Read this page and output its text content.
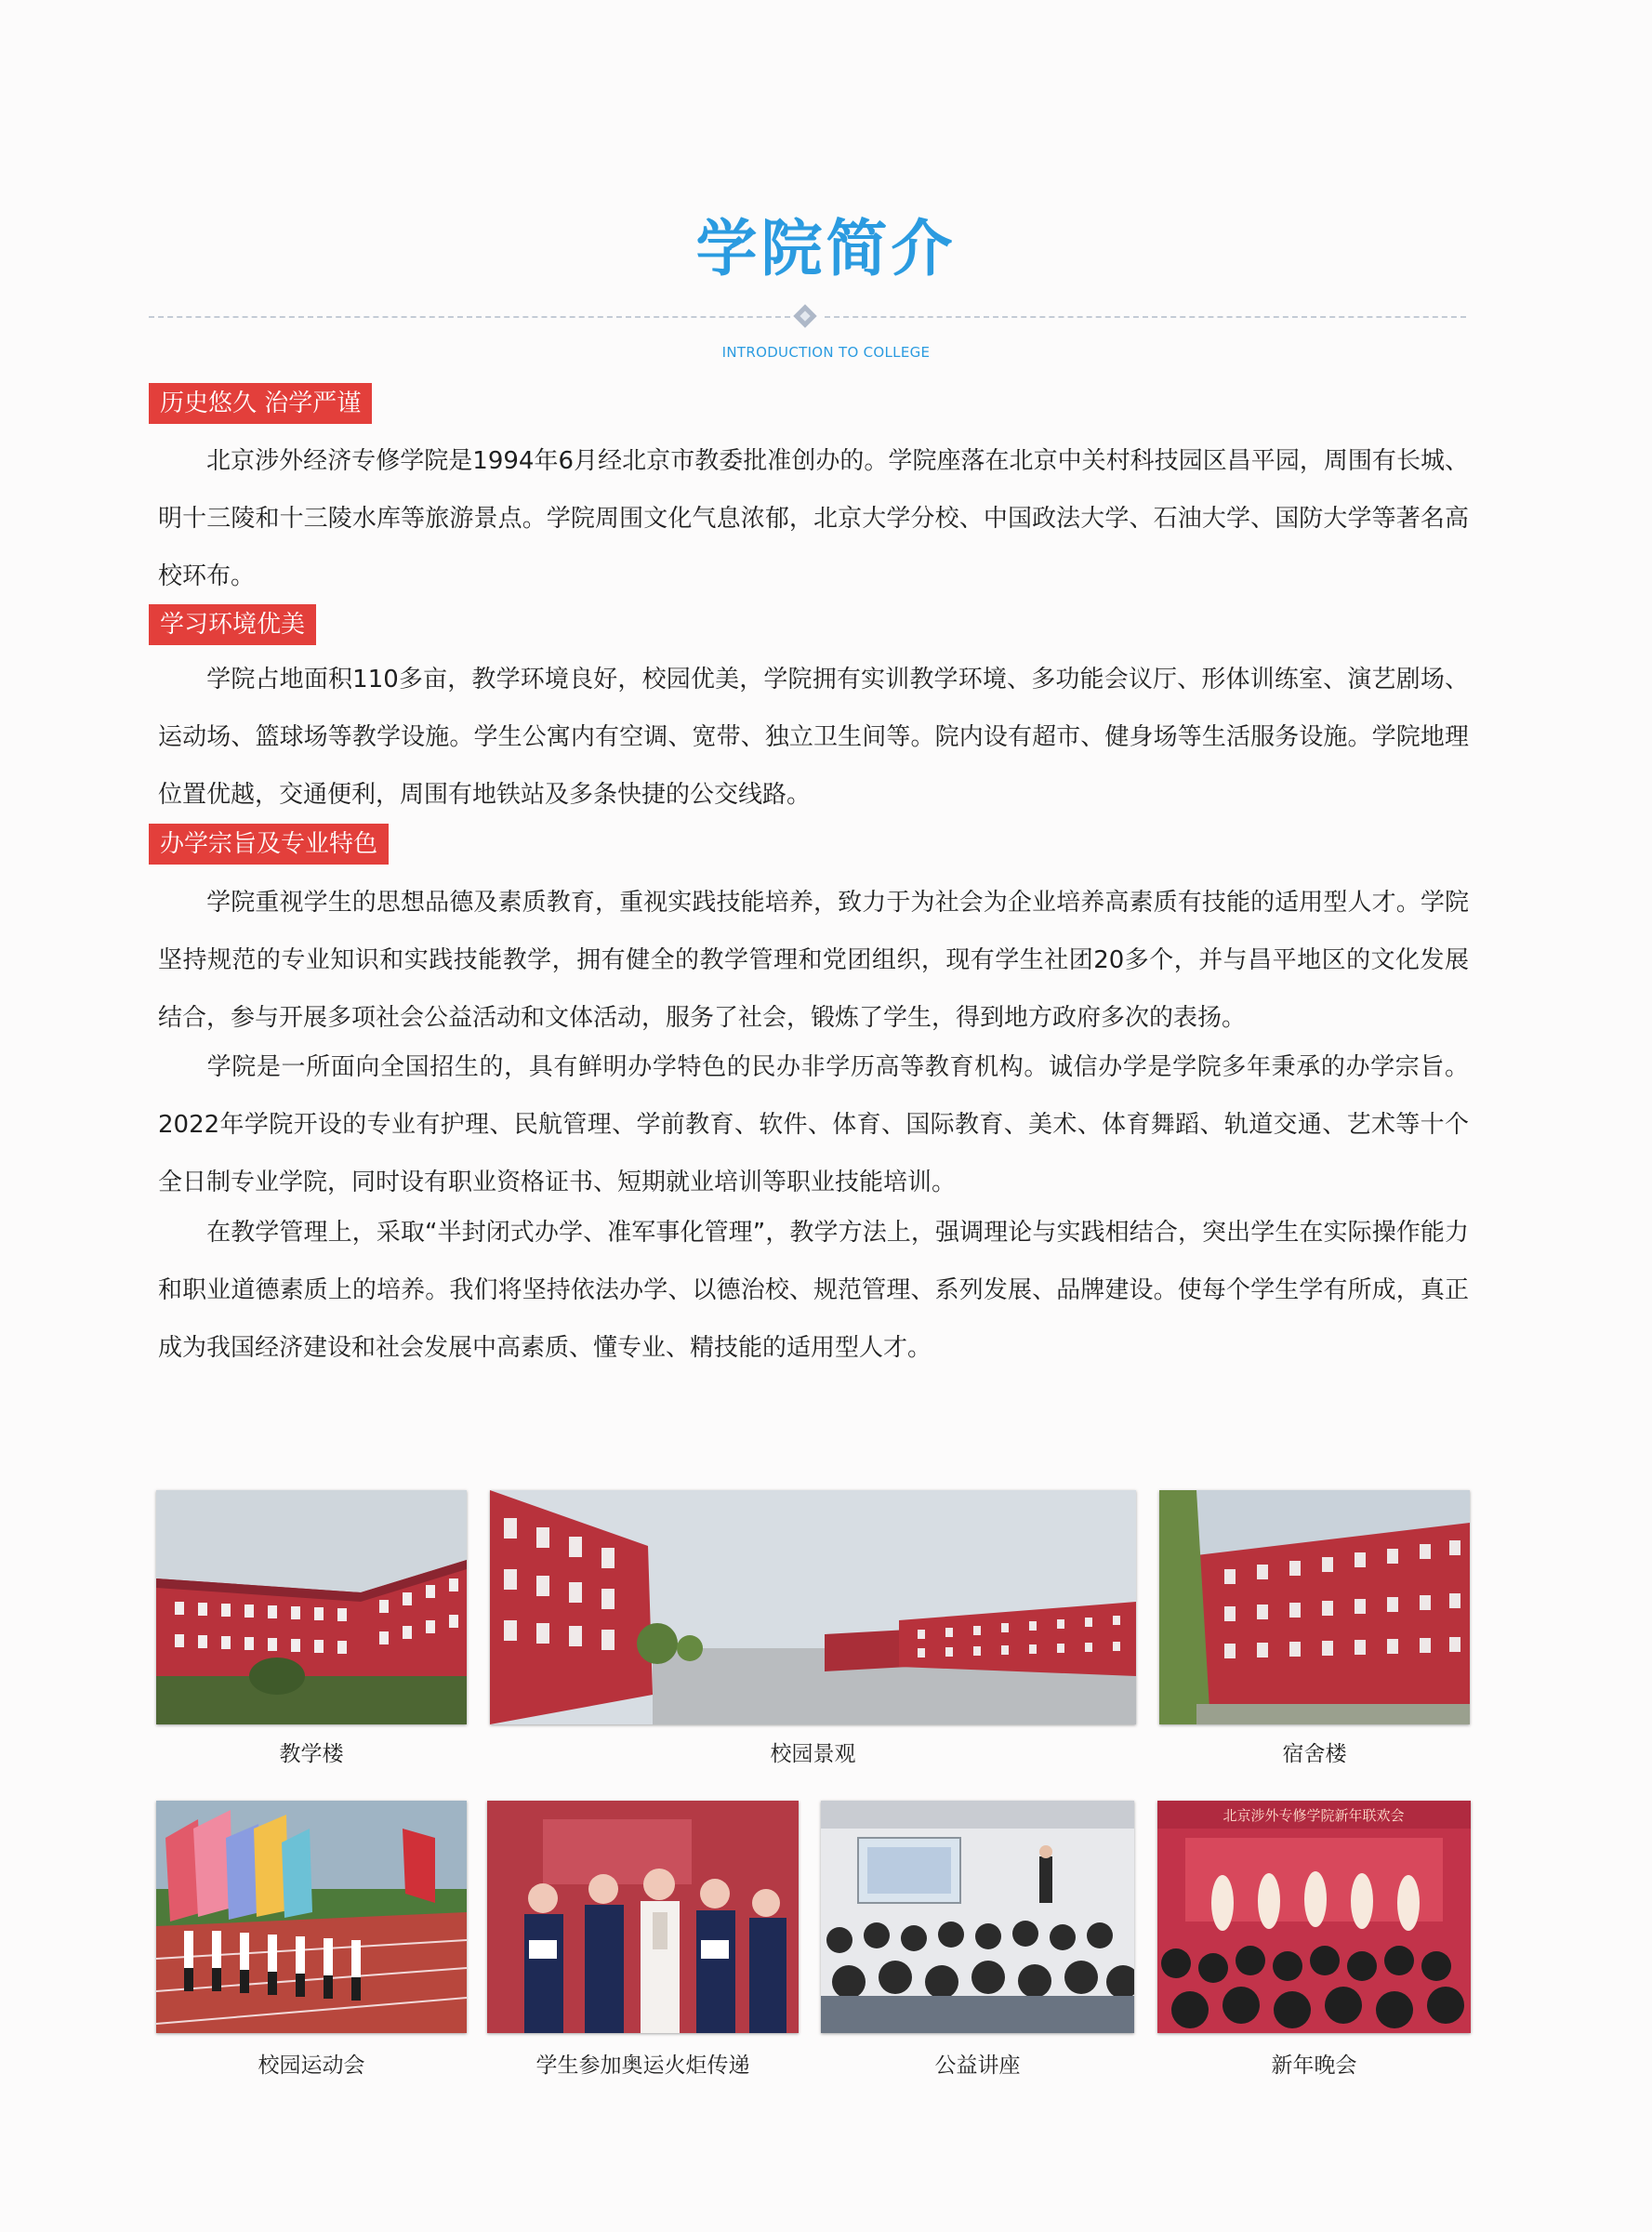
学院简介
INTRODUCTION TO COLLEGE
历史悠久 治学严谨

北京涉外经济专修学院是1994年6月经北京市教委批准创办的。学院座落在北京中关村科技园区昌平园，周围有长城、明十三陵和十三陵水库等旅游景点。学院周围文化气息浓郁，北京大学分校、中国政法大学、石油大学、国防大学等著名高校环布。

学习环境优美

学院占地面积110多亩，教学环境良好，校园优美，学院拥有实训教学环境、多功能会议厅、形体训练室、演艺剧场、运动场、篮球场等教学设施。学生公寓内有空调、宽带、独立卫生间等。院内设有超市、健身场等生活服务设施。学院地理位置优越，交通便利，周围有地铁站及多条快捷的公交线路。

办学宗旨及专业特色

学院重视学生的思想品德及素质教育，重视实践技能培养，致力于为社会为企业培养高素质有技能的适用型人才。学院坚持规范的专业知识和实践技能教学，拥有健全的教学管理和党团组织，现有学生社团20多个，并与昌平地区的文化发展结合，参与开展多项社会公益活动和文体活动，服务了社会，锻炼了学生，得到地方政府多次的表扬。

学院是一所面向全国招生的，具有鲜明办学特色的民办非学历高等教育机构。诚信办学是学院多年秉承的办学宗旨。2022年学院开设的专业有护理、民航管理、学前教育、软件、体育、国际教育、美术、体育舞蹈、轨道交通、艺术等十个全日制专业学院，同时设有职业资格证书、短期就业培训等职业技能培训。

在教学管理上，采取“半封闭式办学、准军事化管理”，教学方法上，强调理论与实践相结合，突出学生在实际操作能力和职业道德素质上的培养。我们将坚持依法办学、以德治校、规范管理、系列发展、品牌建设。使每个学生学有所成，真正成为我国经济建设和社会发展中高素质、懂专业、精技能的适用型人才。

教学楼	校园景观	宿舍楼
校园运动会	学生参加奥运火炬传递	公益讲座
北京涉外专修学院新年联欢会
新年晚会
